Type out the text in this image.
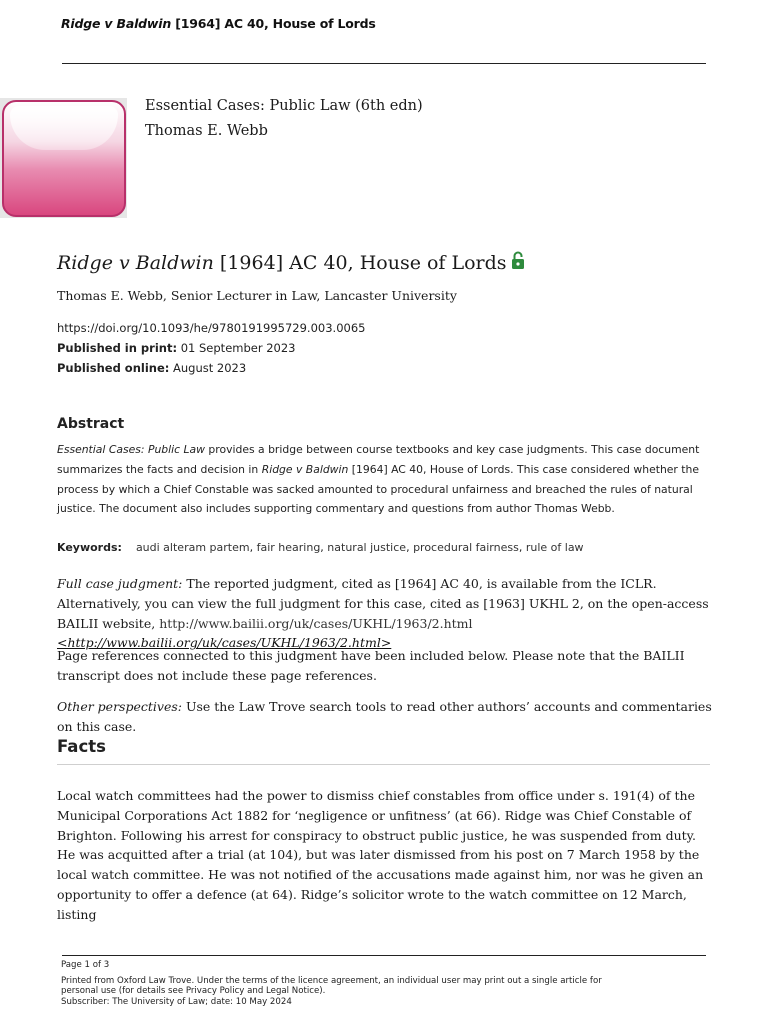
Ridge v Baldwin [1964] AC 40, House of Lords
Essential Cases: Public Law (6th edn)
Thomas E. Webb
Ridge v Baldwin [1964] AC 40, House of Lords
Thomas E. Webb, Senior Lecturer in Law, Lancaster University
https://doi.org/10.1093/he/9780191995729.003.0065
Published in print: 01 September 2023
Published online: August 2023
Abstract
Essential Cases: Public Law provides a bridge between course textbooks and key case judgments. This case document summarizes the facts and decision in Ridge v Baldwin [1964] AC 40, House of Lords. This case considered whether the process by which a Chief Constable was sacked amounted to procedural unfairness and breached the rules of natural justice. The document also includes supporting commentary and questions from author Thomas Webb.
Keywords: audi alteram partem, fair hearing, natural justice, procedural fairness, rule of law
Full case judgment: The reported judgment, cited as [1964] AC 40, is available from the ICLR. Alternatively, you can view the full judgment for this case, cited as [1963] UKHL 2, on the open-access BAILII website, http://www.bailii.org/uk/cases/UKHL/1963/2.html <http://www.bailii.org/uk/cases/UKHL/1963/2.html>
Page references connected to this judgment have been included below. Please note that the BAILII transcript does not include these page references.
Other perspectives: Use the Law Trove search tools to read other authors’ accounts and commentaries on this case.
Facts
Local watch committees had the power to dismiss chief constables from office under s. 191(4) of the Municipal Corporations Act 1882 for ‘negligence or unfitness’ (at 66). Ridge was Chief Constable of Brighton. Following his arrest for conspiracy to obstruct public justice, he was suspended from duty. He was acquitted after a trial (at 104), but was later dismissed from his post on 7 March 1958 by the local watch committee. He was not notified of the accusations made against him, nor was he given an opportunity to offer a defence (at 64). Ridge’s solicitor wrote to the watch committee on 12 March, listing
Page 1 of 3
Printed from Oxford Law Trove. Under the terms of the licence agreement, an individual user may print out a single article for
personal use (for details see Privacy Policy and Legal Notice).
Subscriber: The University of Law; date: 10 May 2024
